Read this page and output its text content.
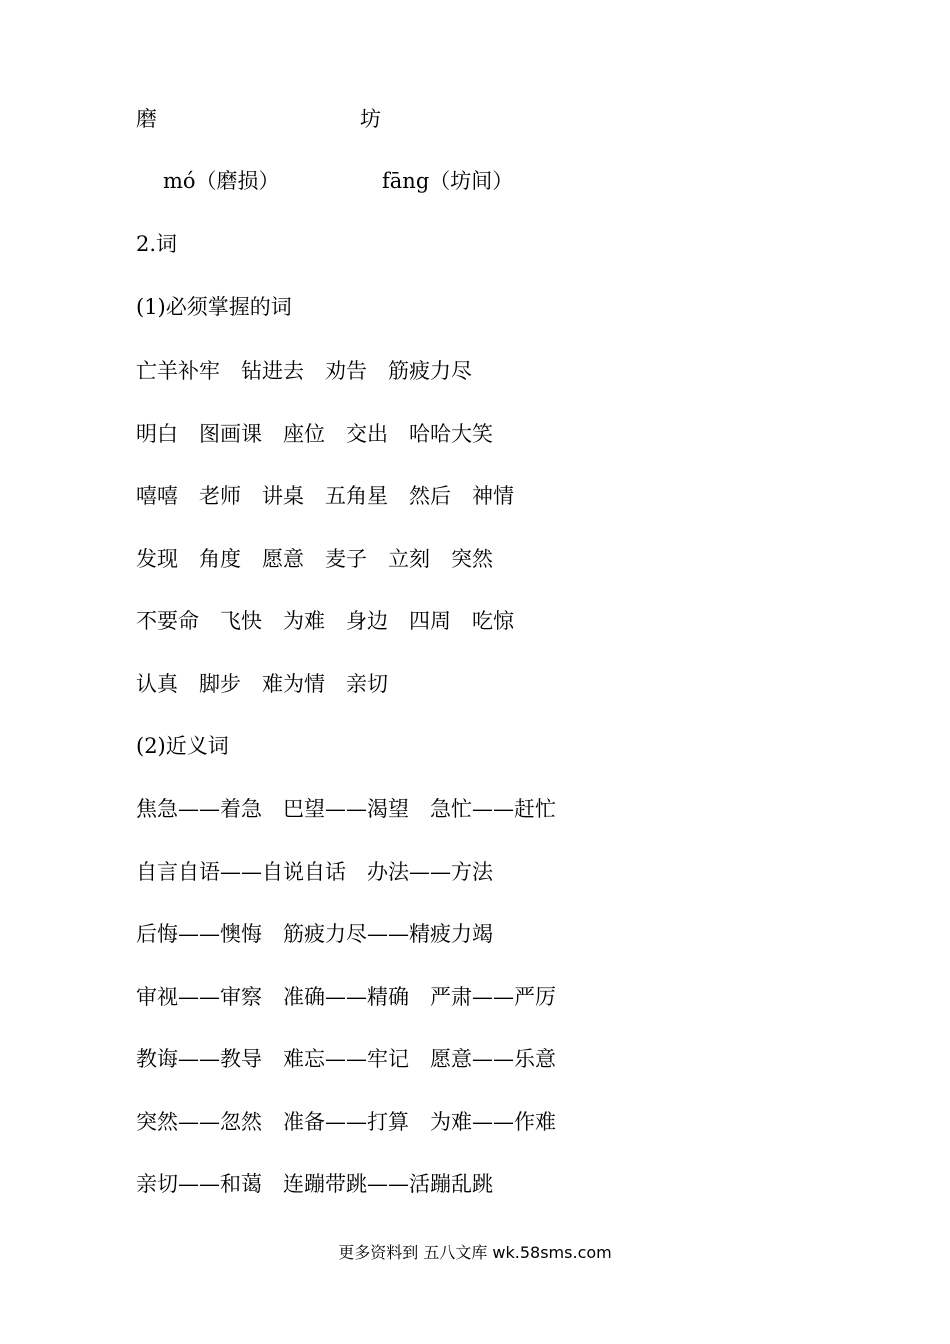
磨	坊
mó（磨损）	fāng（坊间）
2.词
(1)必须掌握的词
亡羊补牢　钻进去　劝告　筋疲力尽
明白　图画课　座位　交出　哈哈大笑
嘻嘻　老师　讲桌　五角星　然后　神情
发现　角度　愿意　麦子　立刻　突然
不要命　飞快　为难　身边　四周　吃惊
认真　脚步　难为情　亲切
(2)近义词
焦急——着急　巴望——渴望　急忙——赶忙
自言自语——自说自话　办法——方法
后悔——懊悔　筋疲力尽——精疲力竭
审视——审察　准确——精确　严肃——严厉
教诲——教导　难忘——牢记　愿意——乐意
突然——忽然　准备——打算　为难——作难
亲切——和蔼　连蹦带跳——活蹦乱跳
更多资料到 五八文库 wk.58sms.com
